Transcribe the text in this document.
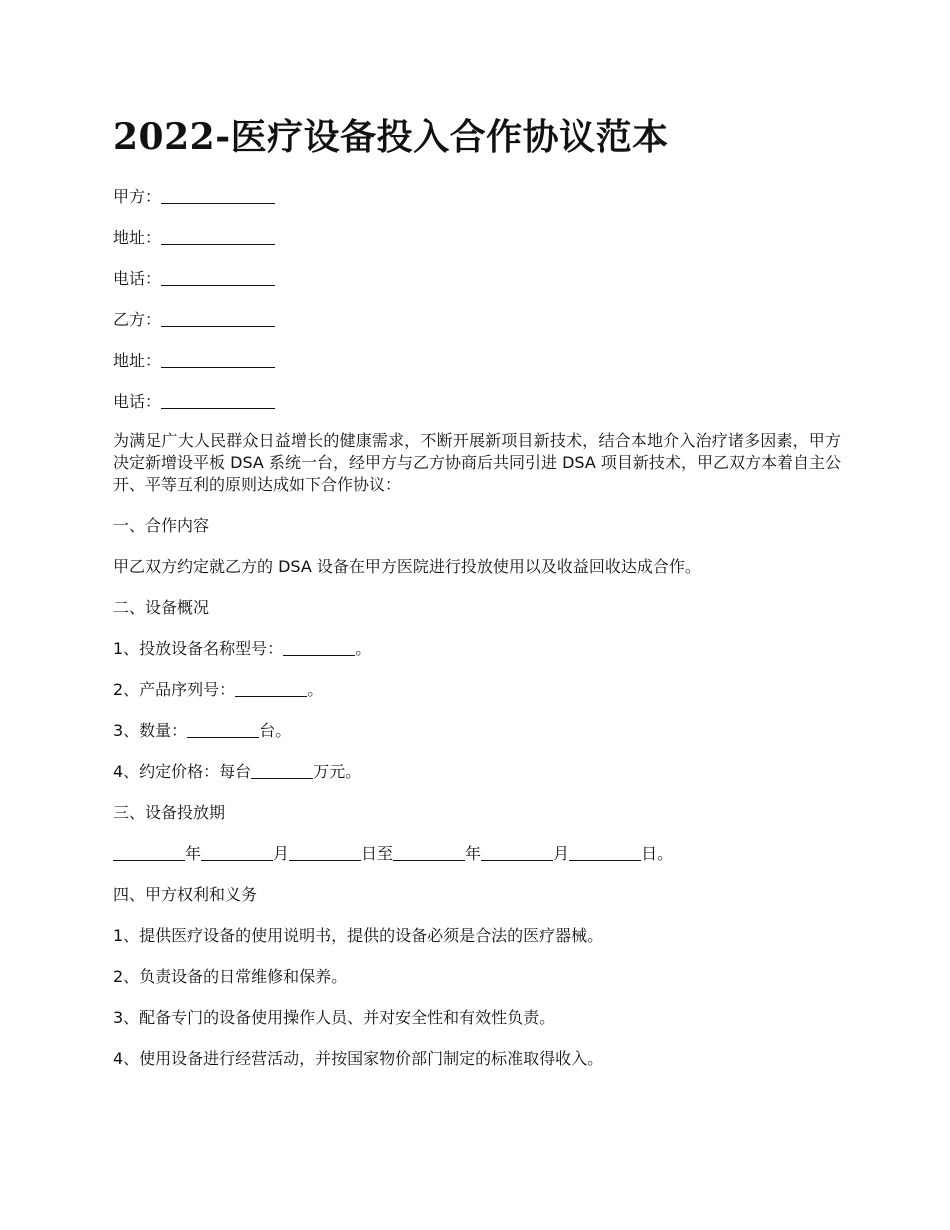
2022-医疗设备投入合作协议范本

甲方：

地址：

电话：

乙方：

地址：

电话：

为满足广大人民群众日益增长的健康需求，不断开展新项目新技术，结合本地介入治疗诸多因素，甲方决定新增设平板 DSA 系统一台，经甲方与乙方协商后共同引进 DSA 项目新技术，甲乙双方本着自主公开、平等互利的原则达成如下合作协议：

一、合作内容

甲乙双方约定就乙方的 DSA 设备在甲方医院进行投放使用以及收益回收达成合作。

二、设备概况

1、投放设备名称型号：	。

2、产品序列号：	。

3、数量：	台。

4、约定价格：每台	万元。

三、设备投放期

年	月	日至	年	月	日。

四、甲方权利和义务

1、提供医疗设备的使用说明书，提供的设备必须是合法的医疗器械。

2、负责设备的日常维修和保养。

3、配备专门的设备使用操作人员、并对安全性和有效性负责。

4、使用设备进行经营活动，并按国家物价部门制定的标准取得收入。
